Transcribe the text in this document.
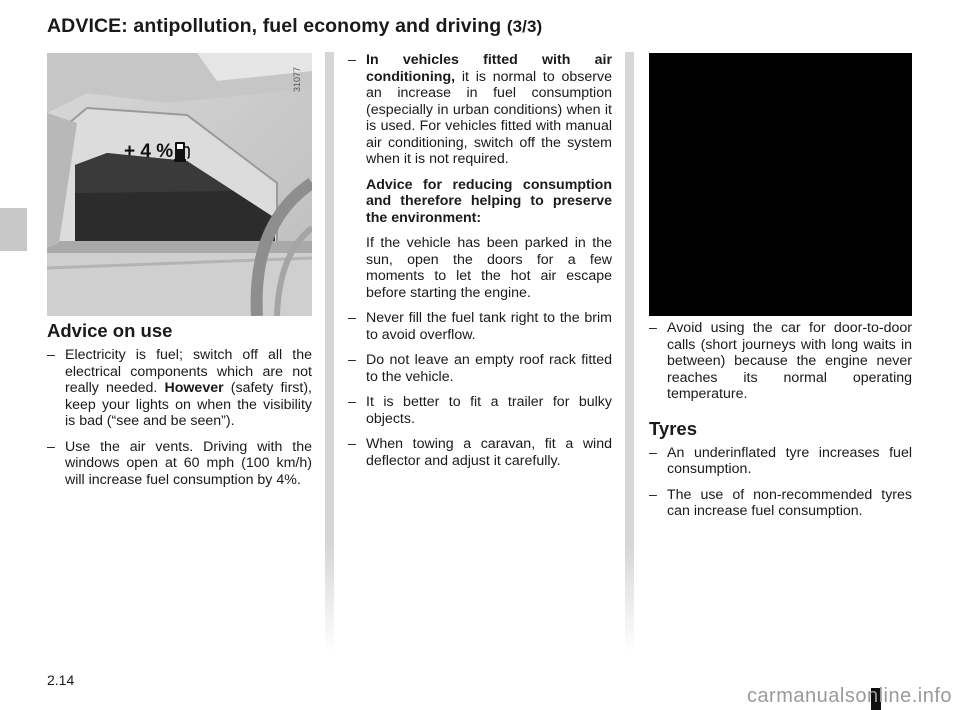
ADVICE: antipollution, fuel economy and driving (3/3)
+ 4 %
31077
Advice on use
– Electricity is fuel; switch off all the electrical components which are not really needed. However (safety first), keep your lights on when the visibility is bad (“see and be seen”).
– Use the air vents. Driving with the windows open at 60 mph (100 km/h) will increase fuel consumption by 4%.
– In vehicles fitted with air conditioning, it is normal to observe an increase in fuel consumption (especially in urban conditions) when it is used. For vehicles fitted with manual air conditioning, switch off the system when it is not required.
Advice for reducing consumption and therefore helping to preserve the environment:
If the vehicle has been parked in the sun, open the doors for a few moments to let the hot air escape before starting the engine.
– Never fill the fuel tank right to the brim to avoid overflow.
– Do not leave an empty roof rack fitted to the vehicle.
– It is better to fit a trailer for bulky objects.
– When towing a caravan, fit a wind deflector and adjust it carefully.
– Avoid using the car for door-to-door calls (short journeys with long waits in between) because the engine never reaches its normal operating temperature.
Tyres
– An underinflated tyre increases fuel consumption.
– The use of non-recommended tyres can increase fuel consumption.
2.14
carmanualsonline.info
